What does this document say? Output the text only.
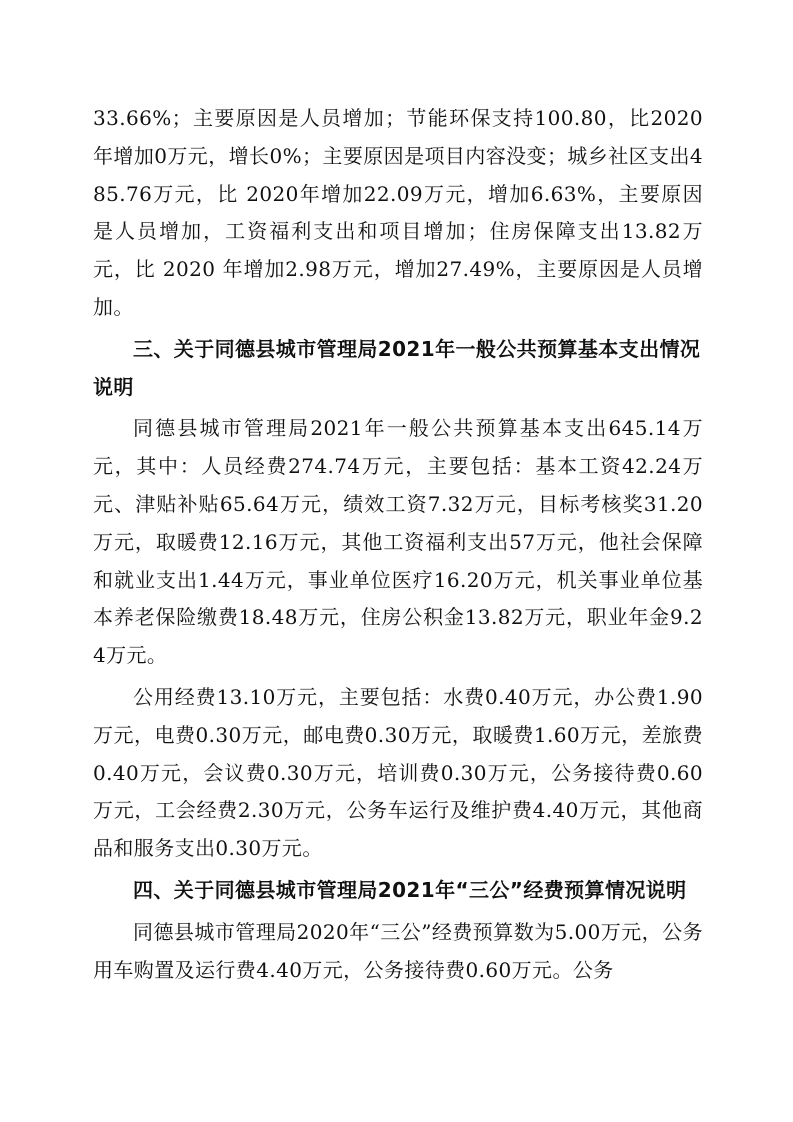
33.66%；主要原因是人员增加；节能环保支持100.80，比2020年增加0万元，增长0%；主要原因是项目内容没变；城乡社区支出485.76万元，比 2020年增加22.09万元，增加6.63%，主要原因是人员增加，工资福利支出和项目增加；住房保障支出13.82万元，比 2020 年增加2.98万元，增加27.49%，主要原因是人员增加。

三、关于同德县城市管理局2021年一般公共预算基本支出情况说明

同德县城市管理局2021年一般公共预算基本支出645.14万元，其中：人员经费274.74万元，主要包括：基本工资42.24万元、津贴补贴65.64万元，绩效工资7.32万元，目标考核奖31.20万元，取暖费12.16万元，其他工资福利支出57万元，他社会保障和就业支出1.44万元，事业单位医疗16.20万元，机关事业单位基本养老保险缴费18.48万元，住房公积金13.82万元，职业年金9.24万元。

公用经费13.10万元，主要包括：水费0.40万元，办公费1.90万元，电费0.30万元，邮电费0.30万元，取暖费1.60万元，差旅费0.40万元，会议费0.30万元，培训费0.30万元，公务接待费0.60万元，工会经费2.30万元，公务车运行及维护费4.40万元，其他商品和服务支出0.30万元。

四、关于同德县城市管理局2021年“三公”经费预算情况说明

同德县城市管理局2020年“三公”经费预算数为5.00万元，公务用车购置及运行费4.40万元，公务接待费0.60万元。公务
